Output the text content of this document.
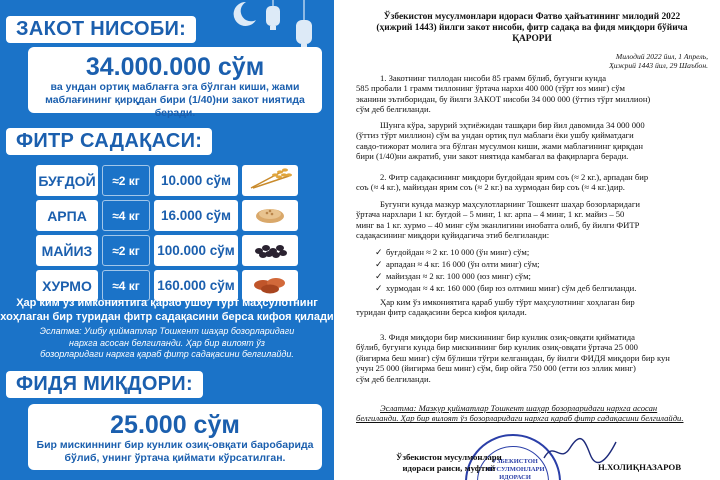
ЗАКОТ НИСОБИ:
34.000.000 сўм
ва ундан ортиқ маблағга эга бўлган киши, жами
маблағининг қирқдан бири (1/40)ни закот ниятида беради.
ФИТР САДАҚАСИ:
БУҒДОЙ	≈2 кг	10.000 сўм	
АРПА	≈4 кг	16.000 сўм	
МАЙИЗ	≈2 кг	100.000 сўм	
ХУРМО	≈4 кг	160.000 сўм	
Ҳар ким ўз имкониятига қараб ушбу тўрт маҳсулотнинг
хоҳлаган бир туридан фитр садақасини берса кифоя қилади
Эслатма: Ушбу қийматлар Тошкент шаҳар бозорларидаги
нархга асосан белгиланди. Ҳар бир вилоят ўз
бозорларидаги нархга қараб фитр садақасини белгилайди.
ФИДЯ МИҚДОРИ:
25.000 сўм
Бир мискиннинг бир кунлик озиқ-овқати баробарида
бўлиб, унинг ўртача қиймати кўрсатилган.

Ўзбекистон мусулмонлари идораси Фатво ҳайъатининг милодий 2022
(ҳижрий 1443) йилги закот нисоби, фитр садақа ва фидя миқдори бўйича
ҚАРОРИ

Милодий 2022 йил, 1 Апрель,
Ҳижрий 1443 йил, 29 Шаъбон.

1. Закотнинг тиллодан нисоби 85 грамм бўлиб, бугунги кунда
585 пробали 1 грамм тиллонинг ўртача нархи 400 000 (тўрт юз минг) сўм
эканини эътиборидан, бу йилги ЗАКОТ нисоби 34 000 000 (ўттиз тўрт миллион)
сўм деб белгиланди.

Шунга кўра, зарурий эҳтиёжидан ташқари бир йил давомида 34 000 000
(ўттиз тўрт миллион) сўм ва ундан ортиқ пул маблағи ёки ушбу қийматдаги
савдо-тижорат молига эга бўлган мусулмон киши, жами маблағининг қирқдан
бири (1/40)ни ажратиб, уни закот ниятида камбағал ва фақирларга беради.

2. Фитр садақасининг миқдори буғдойдан ярим соъ (≈ 2 кг.), арпадан бир
соъ (≈ 4 кг.), майиздан ярим соъ (≈ 2 кг.) ва хурмодан бир соъ (≈ 4 кг.)дир.

Бугунги кунда мазкур маҳсулотларнинг Тошкент шаҳар бозорларидаги
ўртача нархлари 1 кг. буғдой – 5 минг, 1 кг. арпа – 4 минг, 1 кг. майиз – 50
минг ва 1 кг. хурмо – 40 минг сўм эканлигини инобатга олиб, бу йилги ФИТР
садақасининг миқдори қуйидагича этиб белгиланди:

✓ буғдойдан ≈ 2 кг. 10 000 (ўн минг) сўм;
✓ арпадан ≈ 4 кг. 16 000 (ўн олти минг) сўм;
✓ майиздан ≈ 2 кг. 100 000 (юз минг) сўм;
✓ хурмодан ≈ 4 кг. 160 000 (бир юз олтмиш минг) сўм деб белгиланди.

Ҳар ким ўз имкониятига қараб ушбу тўрт маҳсулотнинг хоҳлаган бир
туридан фитр садақасини берса кифоя қилади.

3. Фидя миқдори бир мискиннинг бир кунлик озиқ-овқати қийматида
бўлиб, бугунги кунда бир мискиннинг бир кунлик озиқ-овқати ўртача 25 000
(йигирма беш минг) сўм бўлиши тўғри келганидан, бу йилги ФИДЯ миқдори бир кун
учун 25 000 (йигирма беш минг) сўм, бир ойга 750 000 (етти юз эллик минг)
сўм деб белгиланди.

Эслатма: Мазкур қийматлар Тошкент шаҳар бозорларидаги нархга асосан
белгиланди. Ҳар бир вилоят ўз бозорларидаги нархга қараб фитр садақасини белгилайди.

ЎЗБЕКИСТОН МУСУЛМОНЛАРИ ИДОРАСИ
Ўзбекистон мусулмонлари
идораси раиси, муфтий	Н.ХОЛИҚНАЗАРОВ
